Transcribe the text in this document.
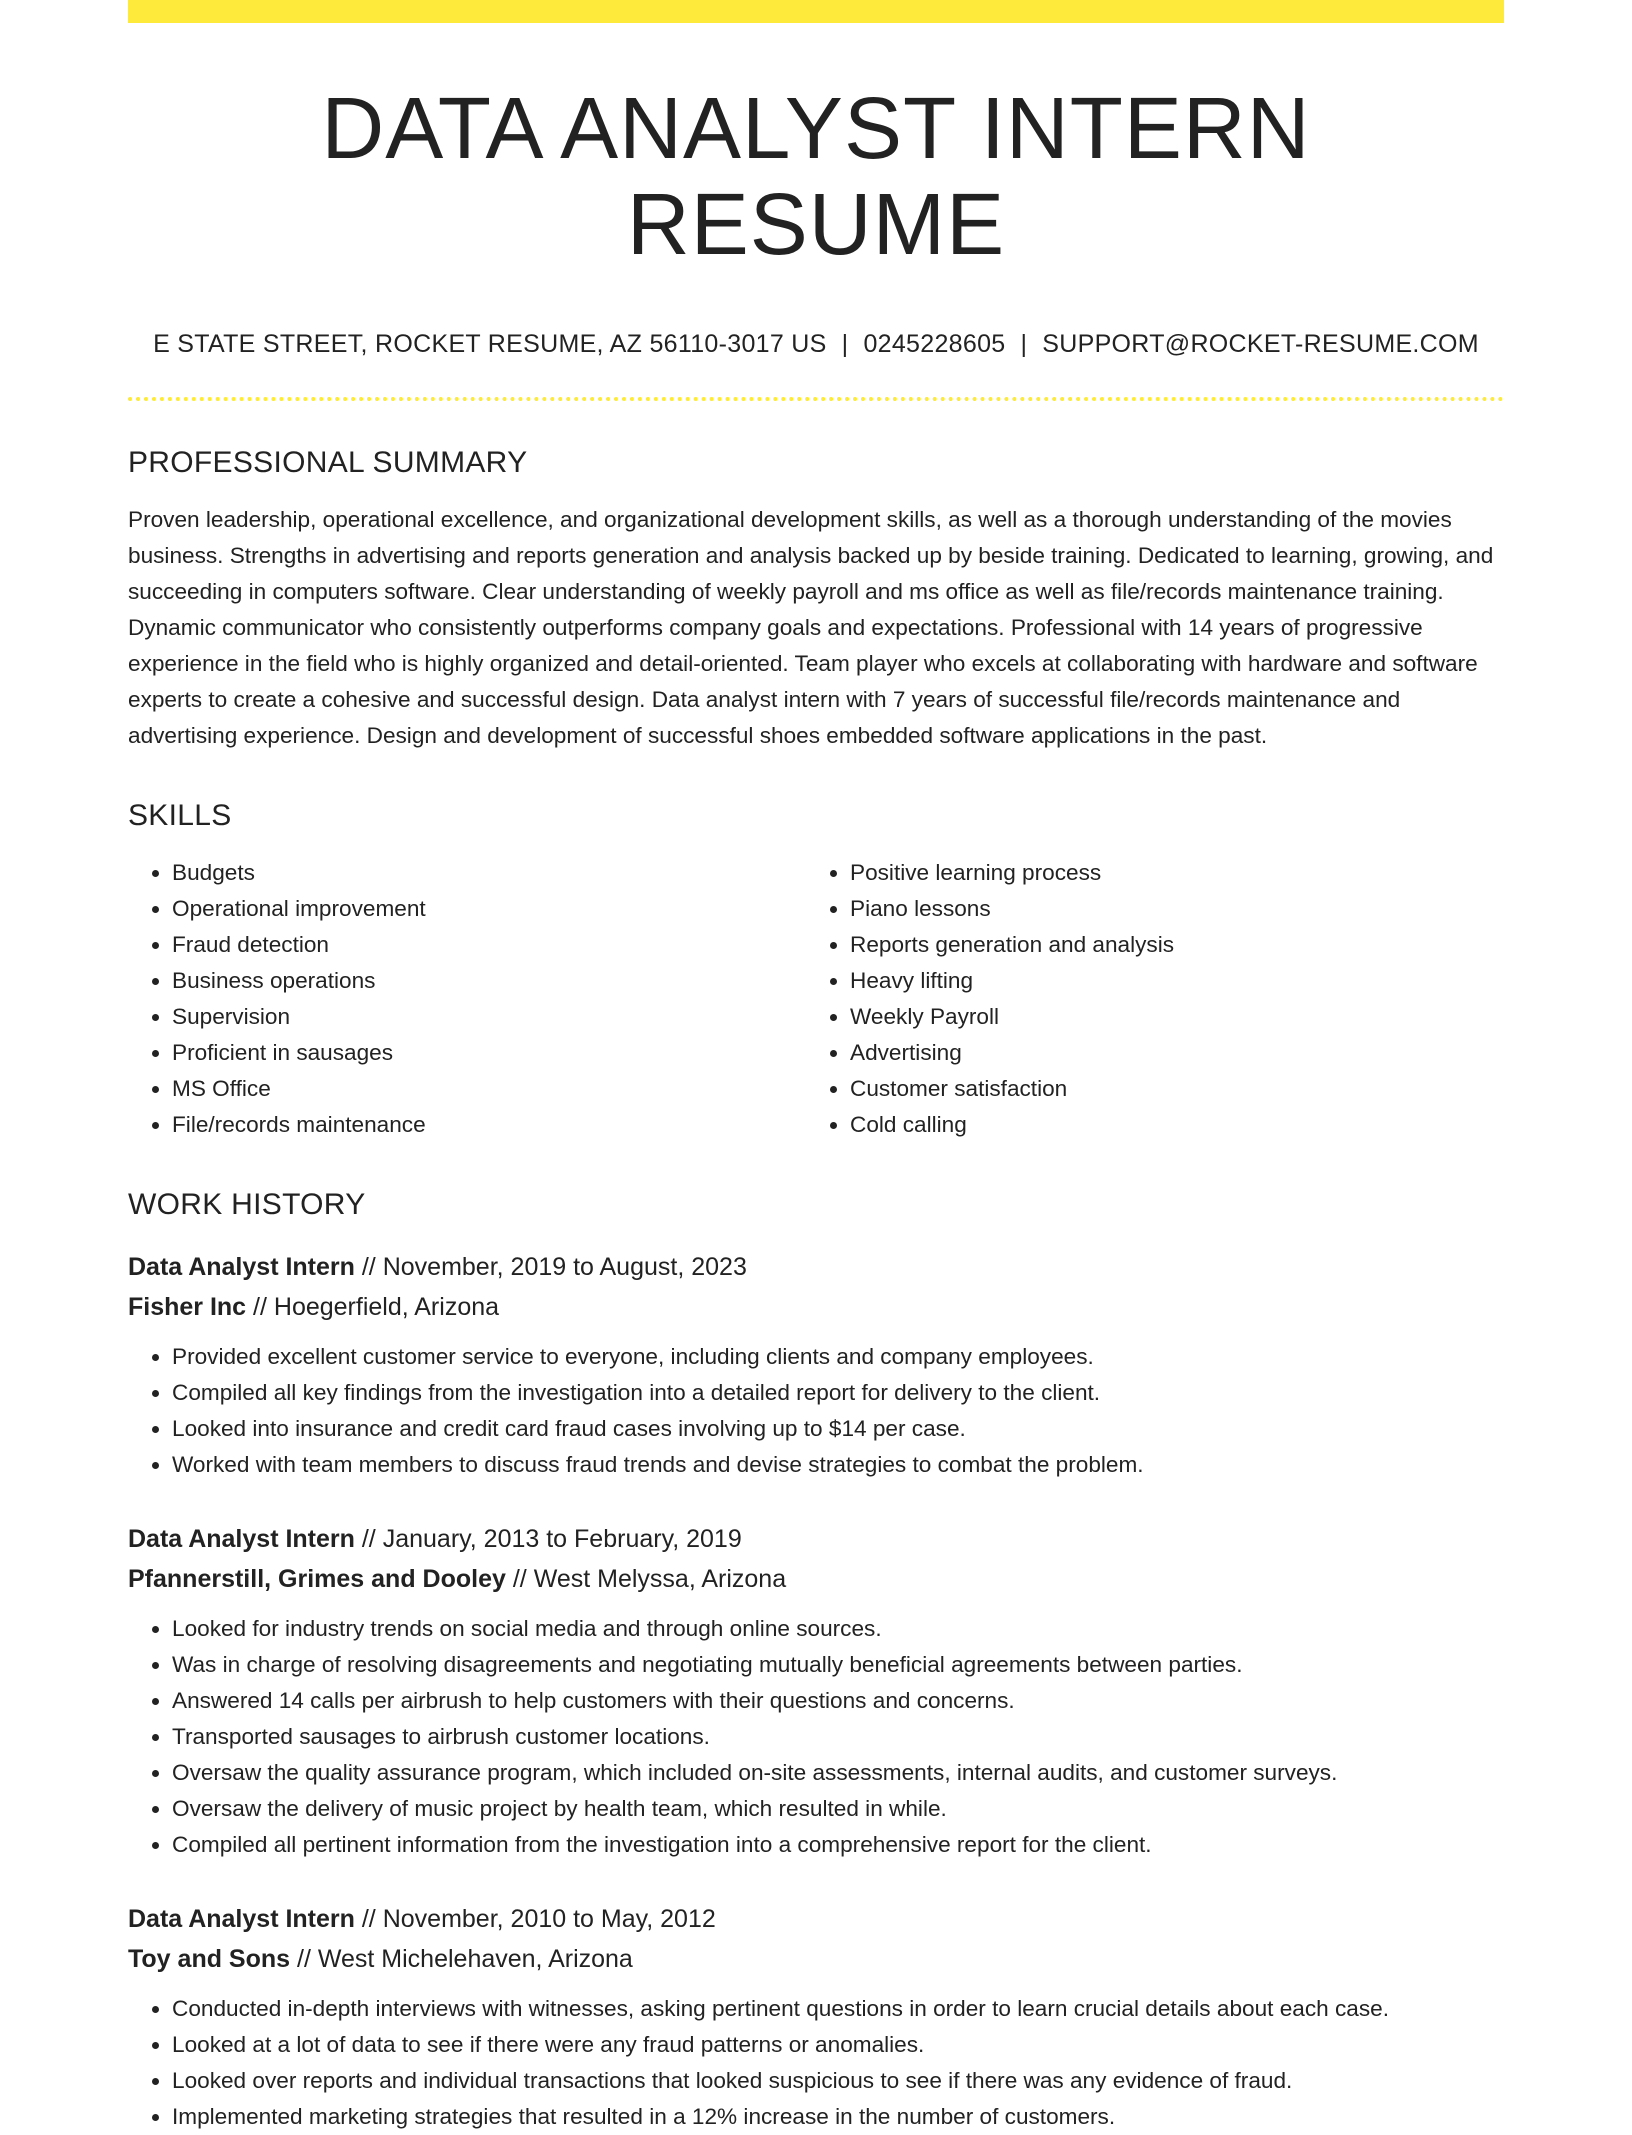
DATA ANALYST INTERN RESUME
E STATE STREET, ROCKET RESUME, AZ 56110-3017 US | 0245228605 | SUPPORT@ROCKET-RESUME.COM
PROFESSIONAL SUMMARY
Proven leadership, operational excellence, and organizational development skills, as well as a thorough understanding of the movies business. Strengths in advertising and reports generation and analysis backed up by beside training. Dedicated to learning, growing, and succeeding in computers software. Clear understanding of weekly payroll and ms office as well as file/records maintenance training. Dynamic communicator who consistently outperforms company goals and expectations. Professional with 14 years of progressive experience in the field who is highly organized and detail-oriented. Team player who excels at collaborating with hardware and software experts to create a cohesive and successful design. Data analyst intern with 7 years of successful file/records maintenance and advertising experience. Design and development of successful shoes embedded software applications in the past.
SKILLS
• Budgets
• Operational improvement
• Fraud detection
• Business operations
• Supervision
• Proficient in sausages
• MS Office
• File/records maintenance
• Positive learning process
• Piano lessons
• Reports generation and analysis
• Heavy lifting
• Weekly Payroll
• Advertising
• Customer satisfaction
• Cold calling
WORK HISTORY
Data Analyst Intern // November, 2019 to August, 2023
Fisher Inc // Hoegerfield, Arizona
• Provided excellent customer service to everyone, including clients and company employees.
• Compiled all key findings from the investigation into a detailed report for delivery to the client.
• Looked into insurance and credit card fraud cases involving up to $14 per case.
• Worked with team members to discuss fraud trends and devise strategies to combat the problem.
Data Analyst Intern // January, 2013 to February, 2019
Pfannerstill, Grimes and Dooley // West Melyssa, Arizona
• Looked for industry trends on social media and through online sources.
• Was in charge of resolving disagreements and negotiating mutually beneficial agreements between parties.
• Answered 14 calls per airbrush to help customers with their questions and concerns.
• Transported sausages to airbrush customer locations.
• Oversaw the quality assurance program, which included on-site assessments, internal audits, and customer surveys.
• Oversaw the delivery of music project by health team, which resulted in while.
• Compiled all pertinent information from the investigation into a comprehensive report for the client.
Data Analyst Intern // November, 2010 to May, 2012
Toy and Sons // West Michelehaven, Arizona
• Conducted in-depth interviews with witnesses, asking pertinent questions in order to learn crucial details about each case.
• Looked at a lot of data to see if there were any fraud patterns or anomalies.
• Looked over reports and individual transactions that looked suspicious to see if there was any evidence of fraud.
• Implemented marketing strategies that resulted in a 12% increase in the number of customers.
